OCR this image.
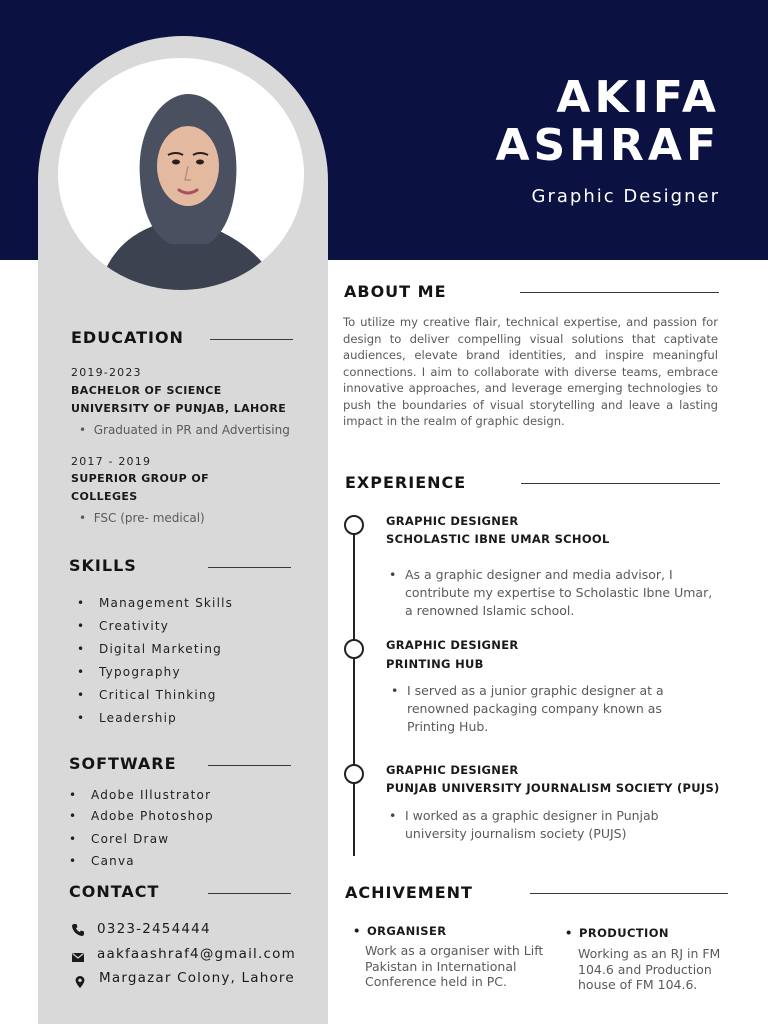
AKIFA
ASHRAF
Graphic Designer
EDUCATION
2019-2023
BACHELOR OF SCIENCE
UNIVERSITY OF PUNJAB, LAHORE
•  Graduated in PR and Advertising
2017 - 2019
SUPERIOR GROUP OF
COLLEGES
•  FSC (pre- medical)
SKILLS
• Management Skills
• Creativity
• Digital Marketing
• Typography
• Critical Thinking
• Leadership
SOFTWARE
• Adobe Illustrator
• Adobe Photoshop
• Corel Draw
• Canva
CONTACT
0323-2454444
aakfaashraf4@gmail.com
Margazar Colony, Lahore
ABOUT ME
To utilize my creative flair, technical expertise, and passion for design to deliver compelling visual solutions that captivate audiences, elevate brand identities, and inspire meaningful connections. I aim to collaborate with diverse teams, embrace innovative approaches, and leverage emerging technologies to push the boundaries of visual storytelling and leave a lasting impact in the realm of graphic design.
EXPERIENCE
GRAPHIC DESIGNER
SCHOLASTIC IBNE UMAR SCHOOL
• As a graphic designer and media advisor, I
contribute my expertise to Scholastic Ibne Umar,
a renowned Islamic school.
GRAPHIC DESIGNER
PRINTING HUB
• I served as a junior graphic designer at a
renowned packaging company known as
Printing Hub.
GRAPHIC DESIGNER
PUNJAB UNIVERSITY JOURNALISM SOCIETY (PUJS)
• I worked as a graphic designer in Punjab
university journalism society (PUJS)
ACHIVEMENT
• ORGANISER
Work as a organiser with Lift
Pakistan in International
Conference held in PC.
• PRODUCTION
Working as an RJ in FM
104.6 and Production
house of FM 104.6.
